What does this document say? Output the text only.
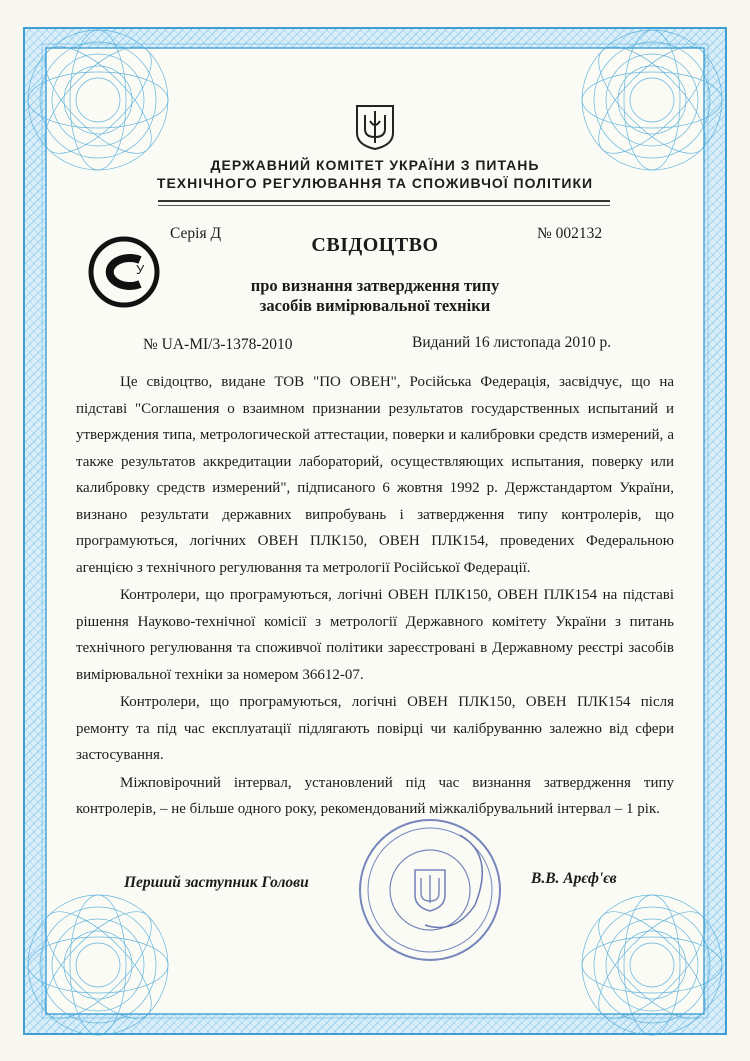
ДЕРЖАВНИЙ КОМІТЕТ УКРАЇНИ З ПИТАНЬ
ТЕХНІЧНОГО РЕГУЛЮВАННЯ ТА СПОЖИВЧОЇ ПОЛІТИКИ
Серія Д	№ 002132
У
СВІДОЦТВО
про визнання затвердження типу
засобів вимірювальної техніки
№ UA-MI/3-1378-2010	Виданий 16 листопада 2010 р.

Це свідоцтво, видане ТОВ "ПО ОВЕН", Російська Федерація, засвідчує, що на підставі "Соглашения о взаимном признании результатов государственных испытаний и утверждения типа, метрологической аттестации, поверки и калибровки средств измерений, а также результатов аккредитации лабораторий, осуществляющих испытания, поверку или калибровку средств измерений", підписаного 6 жовтня 1992 р. Держстандартом України, визнано результати державних випробувань і затвердження типу контролерів, що програмуються, логічних ОВЕН ПЛК150, ОВЕН ПЛК154, проведених Федеральною агенцією з технічного регулювання та метрології Російської Федерації.

Контролери, що програмуються, логічні ОВЕН ПЛК150, ОВЕН ПЛК154 на підставі рішення Науково-технічної комісії з метрології Державного комітету України з питань технічного регулювання та споживчої політики зареєстровані в Державному реєстрі засобів вимірювальної техніки за номером 36612-07.

Контролери, що програмуються, логічні ОВЕН ПЛК150, ОВЕН ПЛК154 після ремонту та під час експлуатації підлягають повірці чи калібруванню залежно від сфери застосування.

Міжповірочний інтервал, установлений під час визнання затвердження типу контролерів, – не більше одного року, рекомендований міжкалібрувальний інтервал – 1 рік.

Перший заступник Голови	В.В. Арєф'єв
